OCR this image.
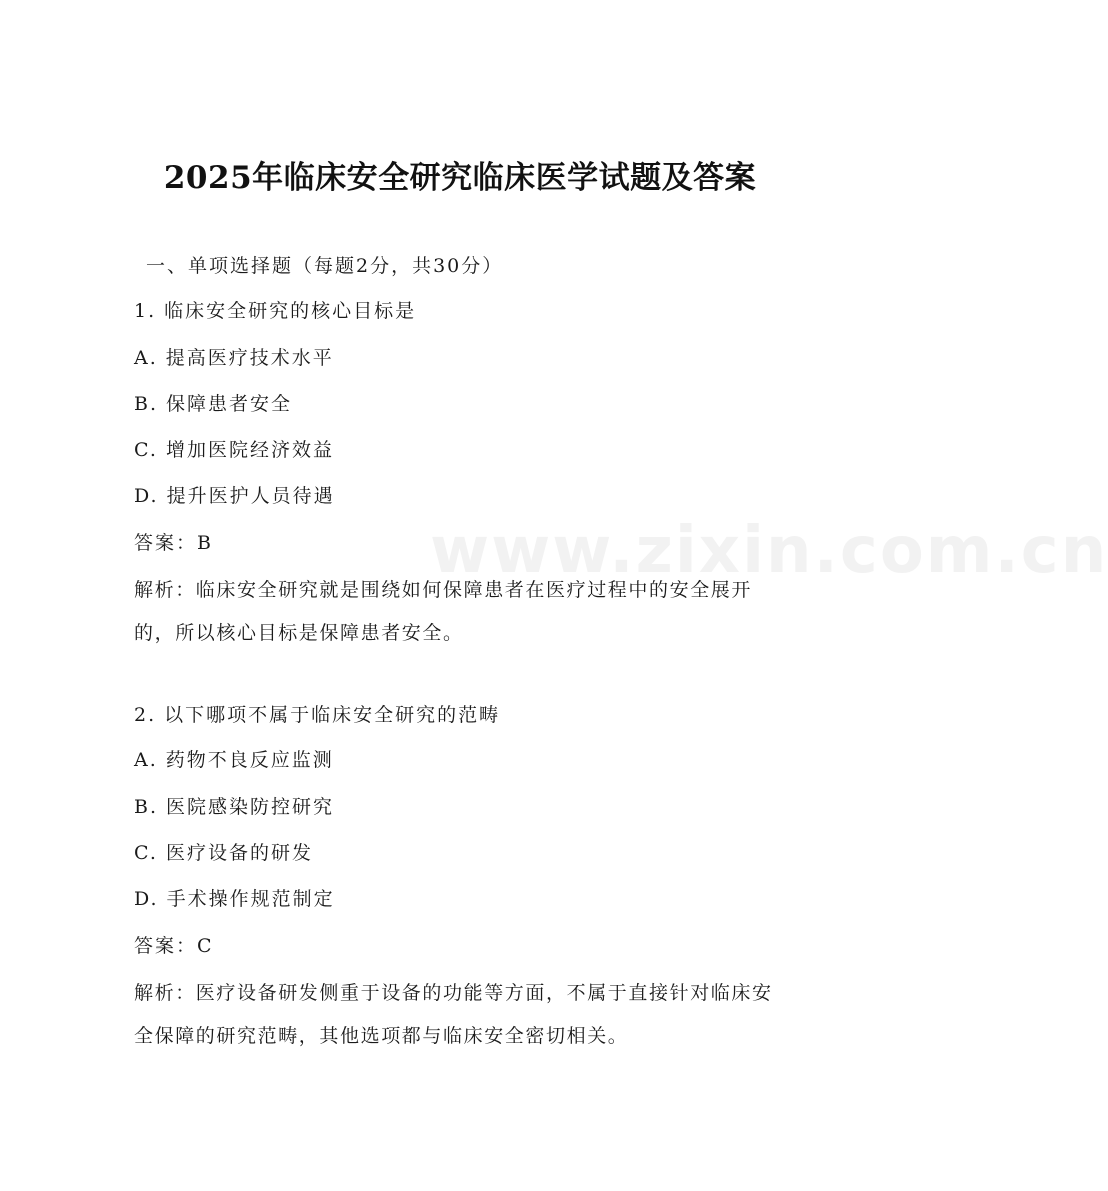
www.zixin.com.cn
2025年临床安全研究临床医学试题及答案
一、单项选择题（每题2分，共30分）
1. 临床安全研究的核心目标是
A. 提高医疗技术水平
B. 保障患者安全
C. 增加医院经济效益
D. 提升医护人员待遇
答案：B
解析：临床安全研究就是围绕如何保障患者在医疗过程中的安全展开的，所以核心目标是保障患者安全。
2. 以下哪项不属于临床安全研究的范畴
A. 药物不良反应监测
B. 医院感染防控研究
C. 医疗设备的研发
D. 手术操作规范制定
答案：C
解析：医疗设备研发侧重于设备的功能等方面，不属于直接针对临床安全保障的研究范畴，其他选项都与临床安全密切相关。
